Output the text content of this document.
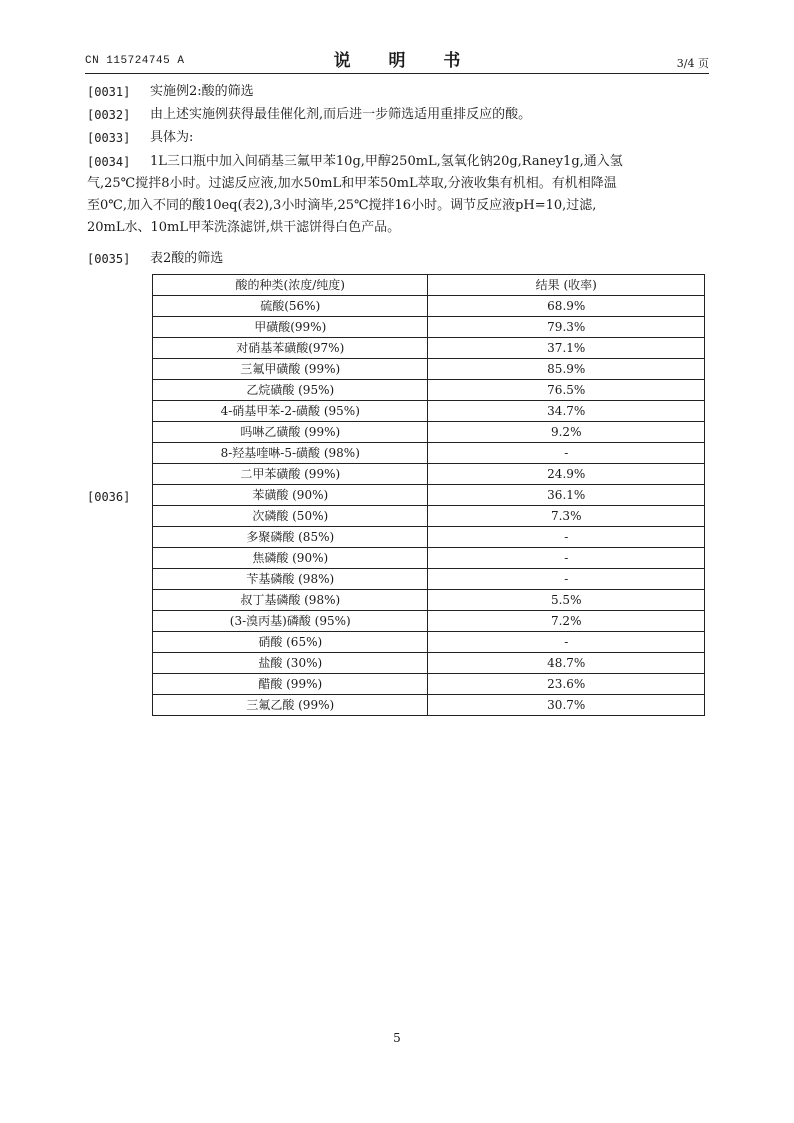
CN 115724745 A	说 明 书	3/4 页
[0031] 实施例2:酸的筛选
[0032] 由上述实施例获得最佳催化剂,而后进一步筛选适用重排反应的酸。
[0033] 具体为:
[0034] 1L三口瓶中加入间硝基三氟甲苯10g,甲醇250mL,氢氧化钠20g,Raney1g,通入氢
气,25℃搅拌8小时。过滤反应液,加水50mL和甲苯50mL萃取,分液收集有机相。有机相降温
至0℃,加入不同的酸10eq(表2),3小时滴毕,25℃搅拌16小时。调节反应液pH=10,过滤,
20mL水、10mL甲苯洗涤滤饼,烘干滤饼得白色产品。
[0035] 表2酸的筛选
[0036]
酸的种类(浓度/纯度)	结果 (收率)
硫酸(56%)	68.9%
甲磺酸(99%)	79.3%
对硝基苯磺酸(97%)	37.1%
三氟甲磺酸 (99%)	85.9%
乙烷磺酸 (95%)	76.5%
4-硝基甲苯-2-磺酸 (95%)	34.7%
吗啉乙磺酸 (99%)	9.2%
8-羟基喹啉-5-磺酸 (98%)	-
二甲苯磺酸 (99%)	24.9%
苯磺酸 (90%)	36.1%
次磷酸 (50%)	7.3%
多聚磷酸 (85%)	-
焦磷酸 (90%)	-
苄基磷酸 (98%)	-
叔丁基磷酸 (98%)	5.5%
(3-溴丙基)磷酸 (95%)	7.2%
硝酸 (65%)	-
盐酸 (30%)	48.7%
醋酸 (99%)	23.6%
三氟乙酸 (99%)	30.7%
5
